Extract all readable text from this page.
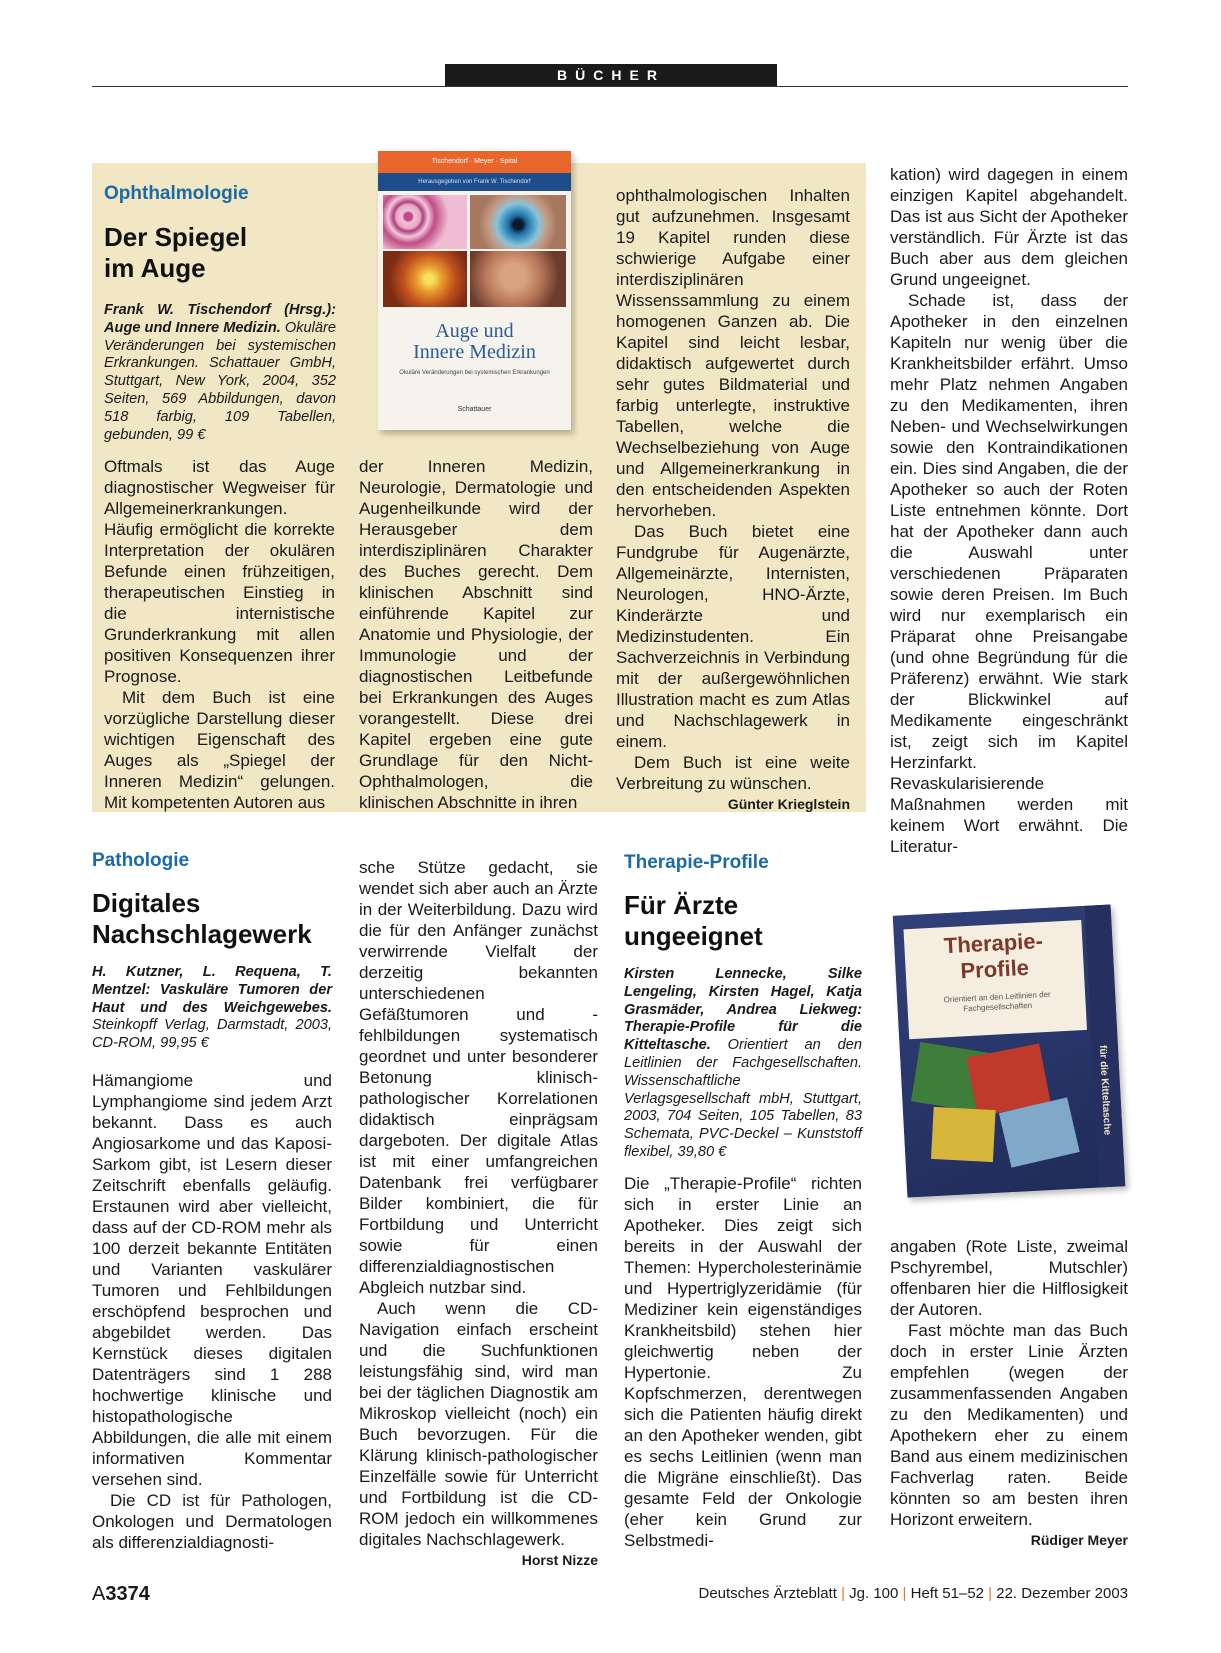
BÜCHER
Ophthalmologie
Der Spiegel
im Auge
Frank W. Tischendorf (Hrsg.): Auge und Innere Medizin. Okuläre Veränderungen bei systemischen Erkrankungen. Schattauer GmbH, Stuttgart, New York, 2004, 352 Seiten, 569 Abbildungen, davon 518 farbig, 109 Tabellen, gebunden, 99 €
Tischendorf · Meyer · Spital
Herausgegeben von Frank W. Tischendorf
Auge und
Innere Medizin
Okuläre Veränderungen bei systemischen Erkrankungen
Schattauer

Oftmals ist das Auge diagnostischer Wegweiser für Allgemeinerkrankungen. Häufig ermöglicht die korrekte Interpretation der okulären Befunde einen frühzeitigen, therapeutischen Einstieg in die internistische Grunderkrankung mit allen positiven Konsequenzen ihrer Prognose.

Mit dem Buch ist eine vorzügliche Darstellung dieser wichtigen Eigenschaft des Auges als „Spiegel der Inneren Medizin“ gelungen. Mit kompetenten Autoren aus

der Inneren Medizin, Neurologie, Dermatologie und Augenheilkunde wird der Herausgeber dem interdisziplinären Charakter des Buches gerecht. Dem klinischen Abschnitt sind einführende Kapitel zur Anatomie und Physiologie, der Immunologie und der diagnostischen Leitbefunde bei Erkrankungen des Auges vorangestellt. Diese drei Kapitel ergeben eine gute Grundlage für den Nicht-Ophthalmologen, die klinischen Abschnitte in ihren

ophthalmologischen Inhalten gut aufzunehmen. Insgesamt 19 Kapitel runden diese schwierige Aufgabe einer interdisziplinären Wissenssammlung zu einem homogenen Ganzen ab. Die Kapitel sind leicht lesbar, didaktisch aufgewertet durch sehr gutes Bildmaterial und farbig unterlegte, instruktive Tabellen, welche die Wechselbeziehung von Auge und Allgemeinerkrankung in den entscheidenden Aspekten hervorheben.

Das Buch bietet eine Fundgrube für Augenärzte, Allgemeinärzte, Internisten, Neurologen, HNO-Ärzte, Kinderärzte und Medizinstudenten. Ein Sachverzeichnis in Verbindung mit der außergewöhnlichen Illustration macht es zum Atlas und Nachschlagewerk in einem.

Dem Buch ist eine weite Verbreitung zu wünschen.

Günter Krieglstein
Pathologie
Digitales
Nachschlagewerk
H. Kutzner, L. Requena, T. Mentzel: Vaskuläre Tumoren der Haut und des Weichgewebes. Steinkopff Verlag, Darmstadt, 2003, CD-ROM, 99,95 €

Hämangiome und Lymphangiome sind jedem Arzt bekannt. Dass es auch Angiosarkome und das Kaposi-Sarkom gibt, ist Lesern dieser Zeitschrift ebenfalls geläufig. Erstaunen wird aber vielleicht, dass auf der CD-ROM mehr als 100 derzeit bekannte Entitäten und Varianten vaskulärer Tumoren und Fehlbildungen erschöpfend besprochen und abgebildet werden. Das Kernstück dieses digitalen Datenträgers sind 1 288 hochwertige klinische und histopathologische Abbildungen, die alle mit einem informativen Kommentar versehen sind.

Die CD ist für Pathologen, Onkologen und Dermatologen als differenzialdiagnosti-

sche Stütze gedacht, sie wendet sich aber auch an Ärzte in der Weiterbildung. Dazu wird die für den Anfänger zunächst verwirrende Vielfalt der derzeitig bekannten unterschiedenen Gefäßtumoren und -fehlbildungen systematisch geordnet und unter besonderer Betonung klinisch-pathologischer Korrelationen didaktisch einprägsam dargeboten. Der digitale Atlas ist mit einer umfangreichen Datenbank frei verfügbarer Bilder kombiniert, die für Fortbildung und Unterricht sowie für einen differenzialdiagnostischen Abgleich nutzbar sind.

Auch wenn die CD-Navigation einfach erscheint und die Suchfunktionen leistungsfähig sind, wird man bei der täglichen Diagnostik am Mikroskop vielleicht (noch) ein Buch bevorzugen. Für die Klärung klinisch-pathologischer Einzelfälle sowie für Unterricht und Fortbildung ist die CD-ROM jedoch ein willkommenes digitales Nachschlagewerk.

Horst Nizze
Therapie-Profile
Für Ärzte
ungeeignet
Kirsten Lennecke, Silke Lengeling, Kirsten Hagel, Katja Grasmäder, Andrea Liekweg: Therapie-Profile für die Kitteltasche. Orientiert an den Leitlinien der Fachgesellschaften. Wissenschaftliche Verlagsgesellschaft mbH, Stuttgart, 2003, 704 Seiten, 105 Tabellen, 83 Schemata, PVC-Deckel – Kunststoff flexibel, 39,80 €

Die „Therapie-Profile“ richten sich in erster Linie an Apotheker. Dies zeigt sich bereits in der Auswahl der Themen: Hypercholesterinämie und Hypertriglyzeridämie (für Mediziner kein eigenständiges Krankheitsbild) stehen hier gleichwertig neben der Hypertonie. Zu Kopfschmerzen, derentwegen sich die Patienten häufig direkt an den Apotheker wenden, gibt es sechs Leitlinien (wenn man die Migräne einschließt). Das gesamte Feld der Onkologie (eher kein Grund zur Selbstmedi-

kation) wird dagegen in einem einzigen Kapitel abgehandelt. Das ist aus Sicht der Apotheker verständlich. Für Ärzte ist das Buch aber aus dem gleichen Grund ungeeignet.

Schade ist, dass der Apotheker in den einzelnen Kapiteln nur wenig über die Krankheitsbilder erfährt. Umso mehr Platz nehmen Angaben zu den Medikamenten, ihren Neben- und Wechselwirkungen sowie den Kontraindikationen ein. Dies sind Angaben, die der Apotheker so auch der Roten Liste entnehmen könnte. Dort hat der Apotheker dann auch die Auswahl unter verschiedenen Präparaten sowie deren Preisen. Im Buch wird nur exemplarisch ein Präparat ohne Preisangabe (und ohne Begründung für die Präferenz) erwähnt. Wie stark der Blickwinkel auf Medikamente eingeschränkt ist, zeigt sich im Kapitel Herzinfarkt. Revaskularisierende Maßnahmen werden mit keinem Wort erwähnt. Die Literatur-

Therapie-
Profile
Orientiert an den Leitlinien der Fachgesellschaften
für die Kitteltasche

angaben (Rote Liste, zweimal Pschyrembel, Mutschler) offenbaren hier die Hilflosigkeit der Autoren.

Fast möchte man das Buch doch in erster Linie Ärzten empfehlen (wegen der zusammenfassenden Angaben zu den Medikamenten) und Apothekern eher zu einem Band aus einem medizinischen Fachverlag raten. Beide könnten so am besten ihren Horizont erweitern.

Rüdiger Meyer
A3374	Deutsches Ärzteblatt | Jg. 100 | Heft 51–52 | 22. Dezember 2003
